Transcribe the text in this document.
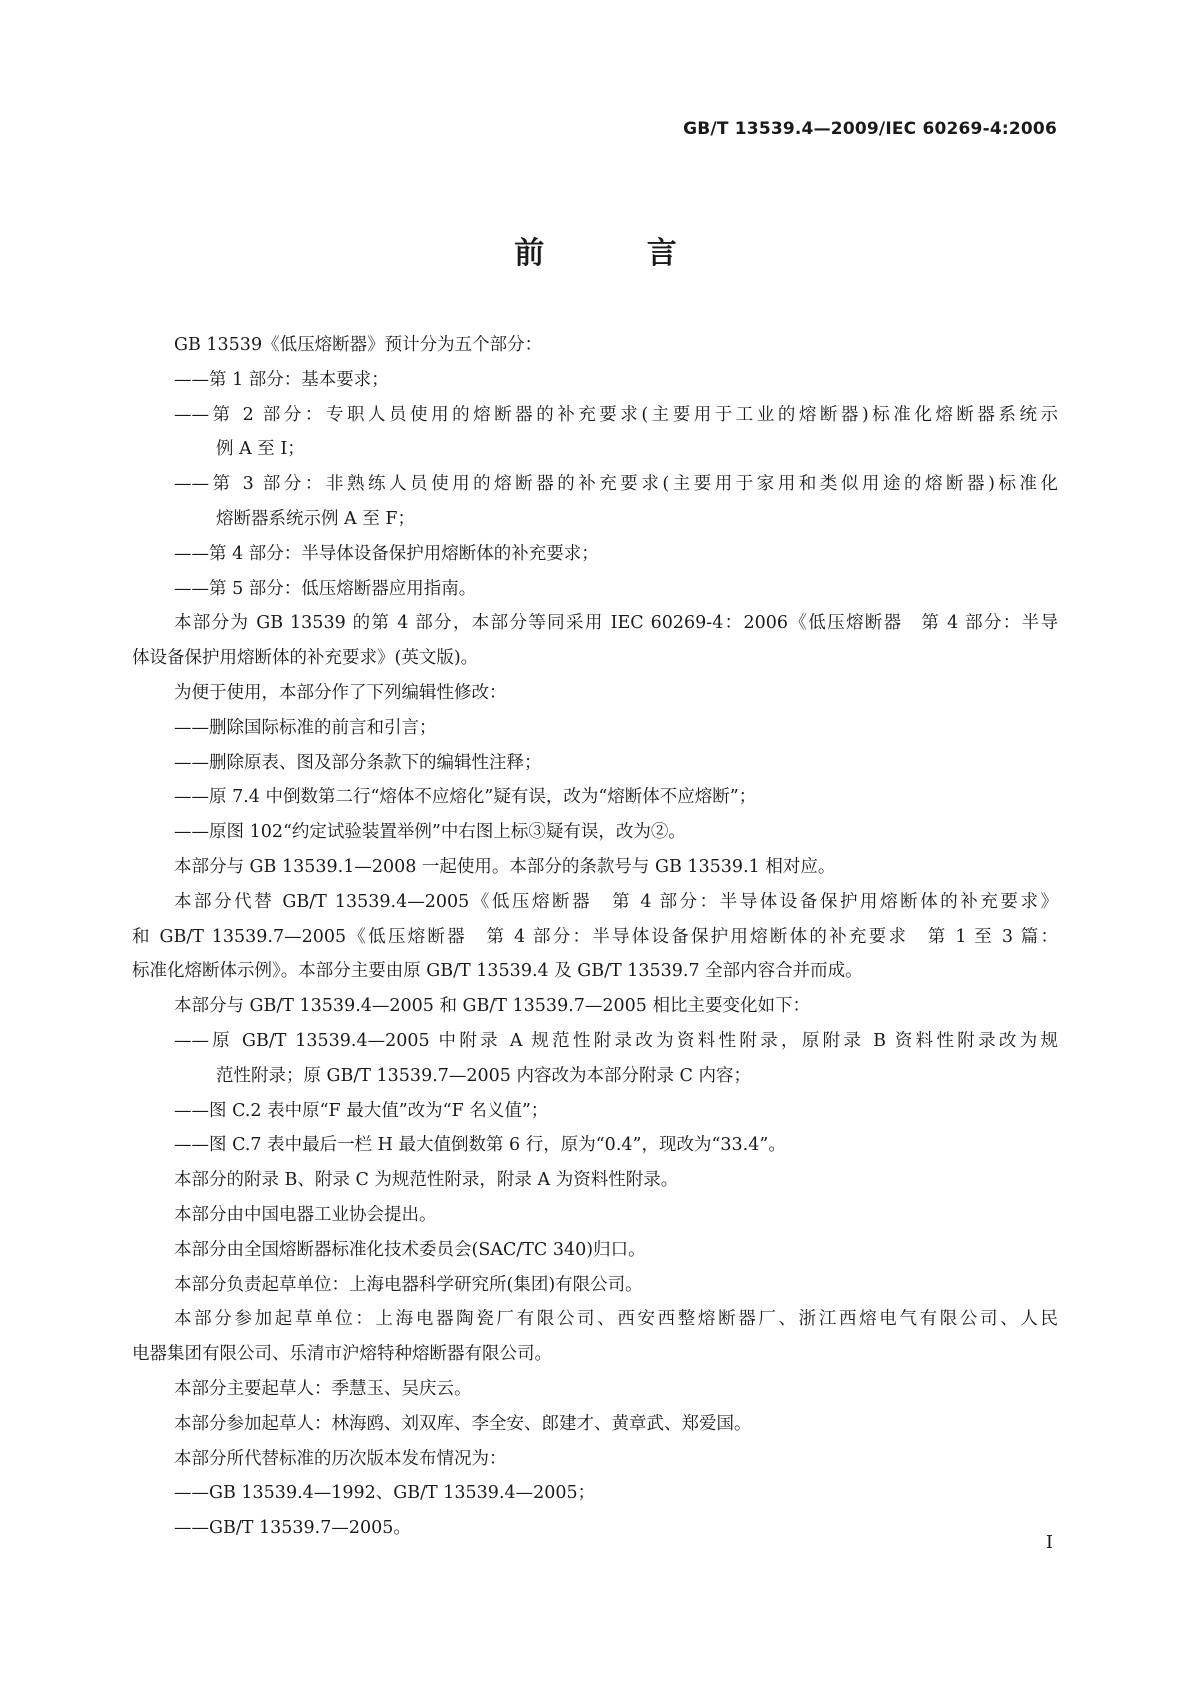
GB/T 13539.4—2009/IEC 60269-4:2006
前 言
GB 13539《低压熔断器》预计分为五个部分：
——第 1 部分：基本要求；
——第 2 部分：专职人员使用的熔断器的补充要求(主要用于工业的熔断器)标准化熔断器系统示
例 A 至 I；
——第 3 部分：非熟练人员使用的熔断器的补充要求(主要用于家用和类似用途的熔断器)标准化
熔断器系统示例 A 至 F；
——第 4 部分：半导体设备保护用熔断体的补充要求；
——第 5 部分：低压熔断器应用指南。
本部分为 GB 13539 的第 4 部分，本部分等同采用 IEC 60269-4：2006《低压熔断器　第 4 部分：半导
体设备保护用熔断体的补充要求》(英文版)。
为便于使用，本部分作了下列编辑性修改：
——删除国际标准的前言和引言；
——删除原表、图及部分条款下的编辑性注释；
——原 7.4 中倒数第二行“熔体不应熔化”疑有误，改为“熔断体不应熔断”；
——原图 102“约定试验装置举例”中右图上标③疑有误，改为②。
本部分与 GB 13539.1—2008 一起使用。本部分的条款号与 GB 13539.1 相对应。
本部分代替 GB/T 13539.4—2005《低压熔断器　第 4 部分：半导体设备保护用熔断体的补充要求》
和 GB/T 13539.7—2005《低压熔断器　第 4 部分：半导体设备保护用熔断体的补充要求　第 1 至 3 篇：
标准化熔断体示例》。本部分主要由原 GB/T 13539.4 及 GB/T 13539.7 全部内容合并而成。
本部分与 GB/T 13539.4—2005 和 GB/T 13539.7—2005 相比主要变化如下：
——原 GB/T 13539.4—2005 中附录 A 规范性附录改为资料性附录，原附录 B 资料性附录改为规
范性附录；原 GB/T 13539.7—2005 内容改为本部分附录 C 内容；
——图 C.2 表中原“F 最大值”改为“F 名义值”；
——图 C.7 表中最后一栏 H 最大值倒数第 6 行，原为“0.4”，现改为“33.4”。
本部分的附录 B、附录 C 为规范性附录，附录 A 为资料性附录。
本部分由中国电器工业协会提出。
本部分由全国熔断器标准化技术委员会(SAC/TC 340)归口。
本部分负责起草单位：上海电器科学研究所(集团)有限公司。
本部分参加起草单位：上海电器陶瓷厂有限公司、西安西整熔断器厂、浙江西熔电气有限公司、人民
电器集团有限公司、乐清市沪熔特种熔断器有限公司。
本部分主要起草人：季慧玉、吴庆云。
本部分参加起草人：林海鸥、刘双库、李全安、郎建才、黄章武、郑爱国。
本部分所代替标准的历次版本发布情况为：
——GB 13539.4—1992、GB/T 13539.4—2005；
——GB/T 13539.7—2005。
I
